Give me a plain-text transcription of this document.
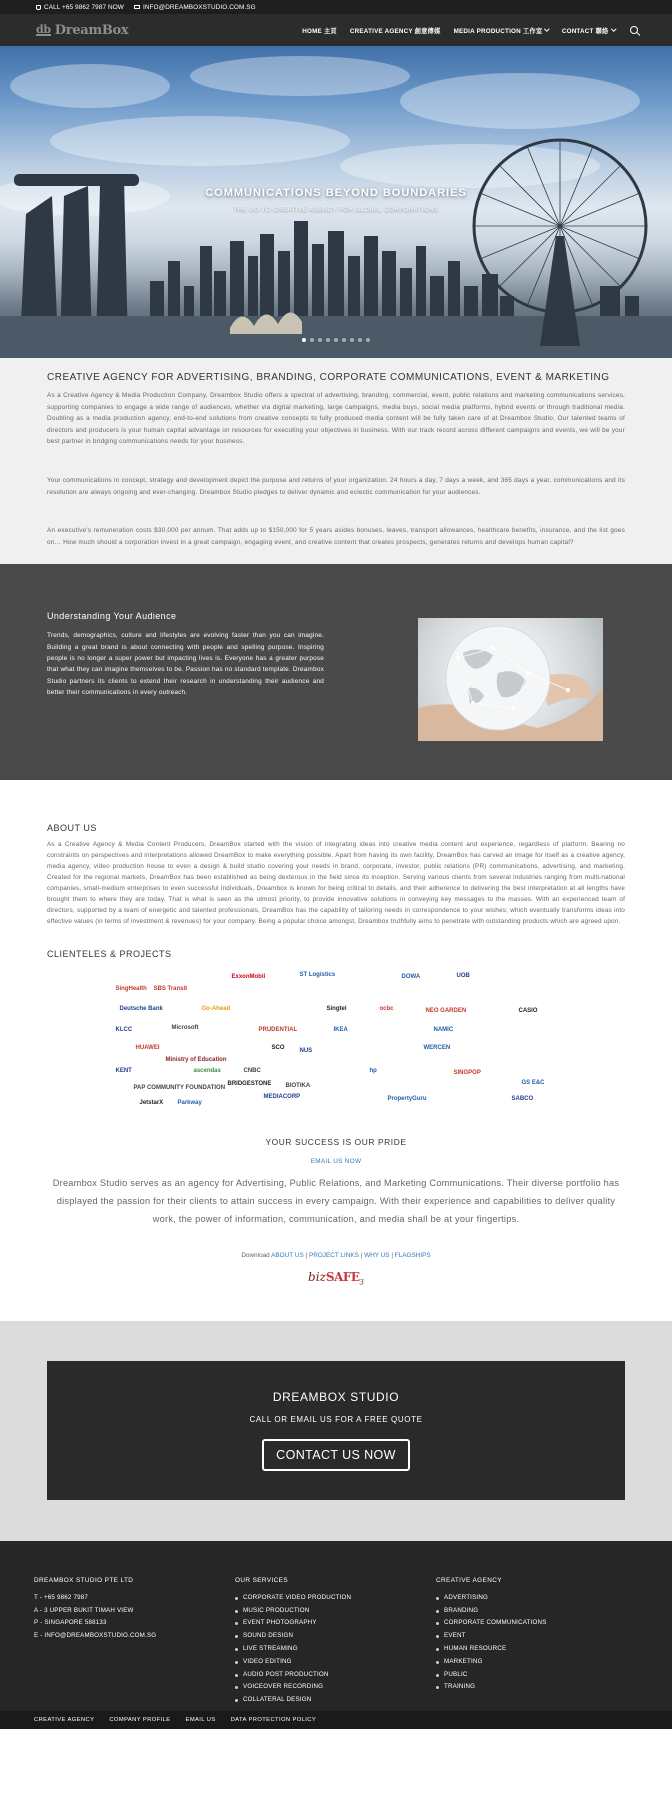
CALL +65 9862 7987 NOW	INFO@DREAMBOXSTUDIO.COM.SG
db DreamBox	HOME 主頁 CREATIVE AGENCY 創意傳媒 MEDIA PRODUCTION 工作室	CONTACT 聯絡
COMMUNICATIONS BEYOND BOUNDARIES
THE GO-TO CREATIVE AGENCY FOR GLOBAL CORPORATIONS
CREATIVE AGENCY FOR ADVERTISING, BRANDING, CORPORATE COMMUNICATIONS, EVENT & MARKETING

As a Creative Agency & Media Production Company, Dreambox Studio offers a spectral of advertising, branding, commercial, event, public relations and marketing communications services, supporting companies to engage a wide range of audiences, whether via digital marketing, large campaigns, media buys, social media platforms, hybrid events or through traditional media. Doubling as a media production agency, end-to-end solutions from creative concepts to fully produced media content will be fully taken care of at Dreambox Studio. Our talented teams of directors and producers is your human capital advantage on resources for executing your objectives in business. With our track record across different campaigns and events, we will be your best partner in bridging communications needs for your business.

Your communications in concept, strategy and development depict the purpose and returns of your organization. 24 hours a day, 7 days a week, and 365 days a year, communications and its resolution are always ongoing and ever-changing. Dreambox Studio pledges to deliver dynamic and eclectic communication for your audiences.

An executive's remuneration costs $30,000 per annum. That adds up to $150,000 for 5 years asides bonuses, leaves, transport allowances, healthcare benefits, insurance, and the list goes on… How much should a corporation invest in a great campaign, engaging event, and creative content that creates prospects, generates returns and develops human capital?

Understanding Your Audience

Trends, demographics, culture and lifestyles are evolving faster than you can imagine. Building a great brand is about connecting with people and spelling purpose. Inspiring people is no longer a super power but impacting lives is. Everyone has a greater purpose that what they can imagine themselves to be. Passion has no standard template. Dreambox Studio partners its clients to extend their research in understanding their audience and better their communications in every outreach.

ABOUT US

As a Creative Agency & Media Content Producers, DreamBox started with the vision of integrating ideas into creative media content and experience, regardless of platform. Bearing no constraints on perspectives and interpretations allowed DreamBox to make everything possible. Apart from having its own facility, DreamBox has carved an image for itself as a creative agency, media agency, video production house to even a design & build studio covering your needs in brand, corporate, investor, public relations (PR) communications, advertising, and marketing. Created for the regional markets, DreamBox has been established as being dexterous in the field since its inception. Serving various clients from several industries ranging from multi-national companies, small-medium enterprises to even successful individuals, Dreambox is known for being critical to details, and their adherence to delivering the best interpretation at all lengths have brought them to where they are today. That is what is seen as the utmost priority, to provide innovative solutions in conveying key messages to the masses. With an experienced team of directors, supported by a team of energetic and talented professionals, DreamBox has the capability of tailoring needs in correspondence to your wishes; which eventually transforms ideas into effective values (in terms of investment & revenues) for your company. Being a popular choice amongst, Dreambox truthfully aims to penetrate with outstanding products which are agreed upon.

CLIENTELES & PROJECTS
SingHealth SBS Transit
ExxonMobil	ST Logistics	DOWA	UOB
Deutsche Bank	Go-Ahead	Singtel	ocbc	NEO GARDEN	CASIO
KLCC	Microsoft	PRUDENTIAL	IKEA	NAMIC
HUAWEI
Ministry of Education
SCO NUS	WERCEN
KENT	ascendas
BRIDGESTONE
CNBC
BIOTIKA
hp	SINGPOP
GS E&C
MEDIACORP
PAP COMMUNITY FOUNDATION
JetstarX Parkway
PropertyGuru	SABCO
YOUR SUCCESS IS OUR PRIDE
EMAIL US NOW
Dreambox Studio serves as an agency for Advertising, Public Relations, and Marketing Communications. Their diverse portfolio has displayed the passion for their clients to attain success in every campaign. With their experience and capabilities to deliver quality work, the power of information, communication, and media shall be at your fingertips.
Download ABOUT US | PROJECT LINKS | WHY US | FLAGSHIPS
bizSAFE$_3$
DREAMBOX STUDIO
CALL OR EMAIL US FOR A FREE QUOTE
CONTACT US NOW
DREAMBOX STUDIO PTE LTD
T - +65 9862 7987
A - 3 UPPER BUKIT TIMAH VIEW
P - SINGAPORE 588133
E - INFO@DREAMBOXSTUDIO.COM.SG
OUR SERVICES
CORPORATE VIDEO PRODUCTION
MUSIC PRODUCTION
EVENT PHOTOGRAPHY
SOUND DESIGN
LIVE STREAMING
VIDEO EDITING
AUDIO POST PRODUCTION
VOICEOVER RECORDING
COLLATERAL DESIGN
CREATIVE AGENCY
ADVERTISING
BRANDING
CORPORATE COMMUNICATIONS
EVENT
HUMAN RESOURCE
MARKETING
PUBLIC
TRAINING
CREATIVE AGENCY	COMPANY PROFILE	EMAIL US	DATA PROTECTION POLICY
